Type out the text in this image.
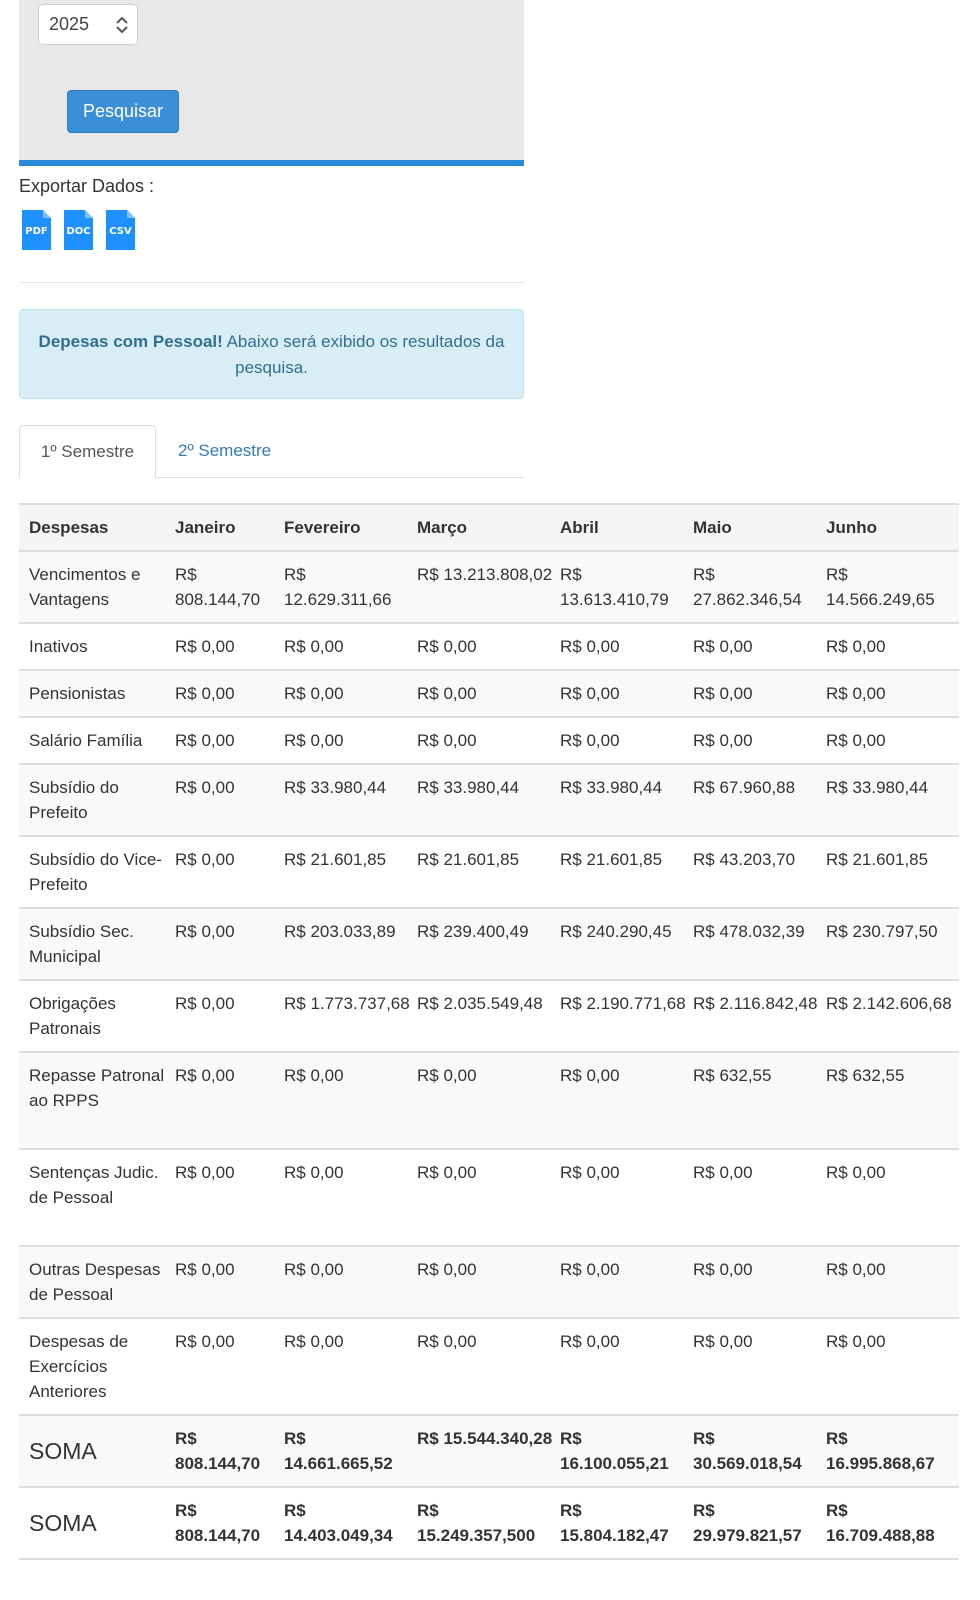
2025
Pesquisar
Exportar Dados :
PDF	DOC	CSV
Depesas com Pessoal! Abaixo será exibido os resultados da pesquisa.
1º Semestre	2º Semestre
Despesas	Janeiro	Fevereiro	Março	Abril	Maio	Junho
Vencimentos e Vantagens	R$ 808.144,70	R$ 12.629.311,66	R$ 13.213.808,02	R$ 13.613.410,79	R$ 27.862.346,54	R$ 14.566.249,65
Inativos	R$ 0,00	R$ 0,00	R$ 0,00	R$ 0,00	R$ 0,00	R$ 0,00
Pensionistas	R$ 0,00	R$ 0,00	R$ 0,00	R$ 0,00	R$ 0,00	R$ 0,00
Salário Família	R$ 0,00	R$ 0,00	R$ 0,00	R$ 0,00	R$ 0,00	R$ 0,00
Subsídio do Prefeito	R$ 0,00	R$ 33.980,44	R$ 33.980,44	R$ 33.980,44	R$ 67.960,88	R$ 33.980,44
Subsídio do Vice-Prefeito	R$ 0,00	R$ 21.601,85	R$ 21.601,85	R$ 21.601,85	R$ 43.203,70	R$ 21.601,85
Subsídio Sec. Municipal	R$ 0,00	R$ 203.033,89	R$ 239.400,49	R$ 240.290,45	R$ 478.032,39	R$ 230.797,50
Obrigações Patronais	R$ 0,00	R$ 1.773.737,68	R$ 2.035.549,48	R$ 2.190.771,68	R$ 2.116.842,48	R$ 2.142.606,68
Repasse Patronal ao RPPS	R$ 0,00	R$ 0,00	R$ 0,00	R$ 0,00	R$ 632,55	R$ 632,55
Sentenças Judic. de Pessoal	R$ 0,00	R$ 0,00	R$ 0,00	R$ 0,00	R$ 0,00	R$ 0,00
Outras Despesas de Pessoal	R$ 0,00	R$ 0,00	R$ 0,00	R$ 0,00	R$ 0,00	R$ 0,00
Despesas de Exercícios Anteriores	R$ 0,00	R$ 0,00	R$ 0,00	R$ 0,00	R$ 0,00	R$ 0,00
SOMA	R$ 808.144,70	R$ 14.661.665,52	R$ 15.544.340,28	R$ 16.100.055,21	R$ 30.569.018,54	R$ 16.995.868,67
SOMA	R$ 808.144,70	R$ 14.403.049,34	R$ 15.249.357,500	R$ 15.804.182,47	R$ 29.979.821,57	R$ 16.709.488,88
